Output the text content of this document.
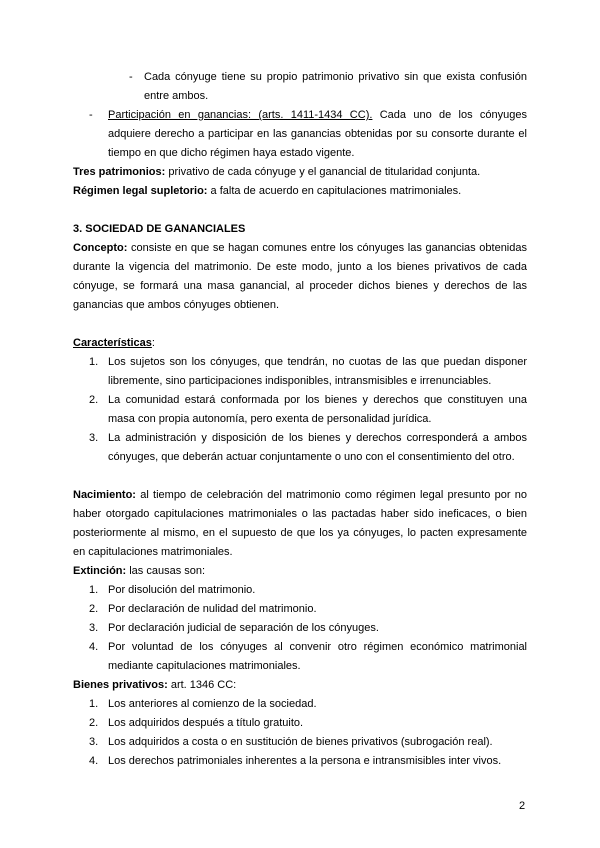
- Cada cónyuge tiene su propio patrimonio privativo sin que exista confusión entre ambos.
- Participación en ganancias: (arts. 1411-1434 CC). Cada uno de los cónyuges adquiere derecho a participar en las ganancias obtenidas por su consorte durante el tiempo en que dicho régimen haya estado vigente.

Tres patrimonios: privativo de cada cónyuge y el ganancial de titularidad conjunta.

Régimen legal supletorio: a falta de acuerdo en capitulaciones matrimoniales.

3. SOCIEDAD DE GANANCIALES

Concepto: consiste en que se hagan comunes entre los cónyuges las ganancias obtenidas durante la vigencia del matrimonio. De este modo, junto a los bienes privativos de cada cónyuge, se formará una masa ganancial, al proceder dichos bienes y derechos de las ganancias que ambos cónyuges obtienen.

Características:

1. Los sujetos son los cónyuges, que tendrán, no cuotas de las que puedan disponer libremente, sino participaciones indisponibles, intransmisibles e irrenunciables.
2. La comunidad estará conformada por los bienes y derechos que constituyen una masa con propia autonomía, pero exenta de personalidad jurídica.
3. La administración y disposición de los bienes y derechos corresponderá a ambos cónyuges, que deberán actuar conjuntamente o uno con el consentimiento del otro.

Nacimiento: al tiempo de celebración del matrimonio como régimen legal presunto por no haber otorgado capitulaciones matrimoniales o las pactadas haber sido ineficaces, o bien posteriormente al mismo, en el supuesto de que los ya cónyuges, lo pacten expresamente en capitulaciones matrimoniales.

Extinción: las causas son:

1. Por disolución del matrimonio.
2. Por declaración de nulidad del matrimonio.
3. Por declaración judicial de separación de los cónyuges.
4. Por voluntad de los cónyuges al convenir otro régimen económico matrimonial mediante capitulaciones matrimoniales.

Bienes privativos: art. 1346 CC:

1. Los anteriores al comienzo de la sociedad.
2. Los adquiridos después a título gratuito.
3. Los adquiridos a costa o en sustitución de bienes privativos (subrogación real).
4. Los derechos patrimoniales inherentes a la persona e intransmisibles inter vivos.
2
